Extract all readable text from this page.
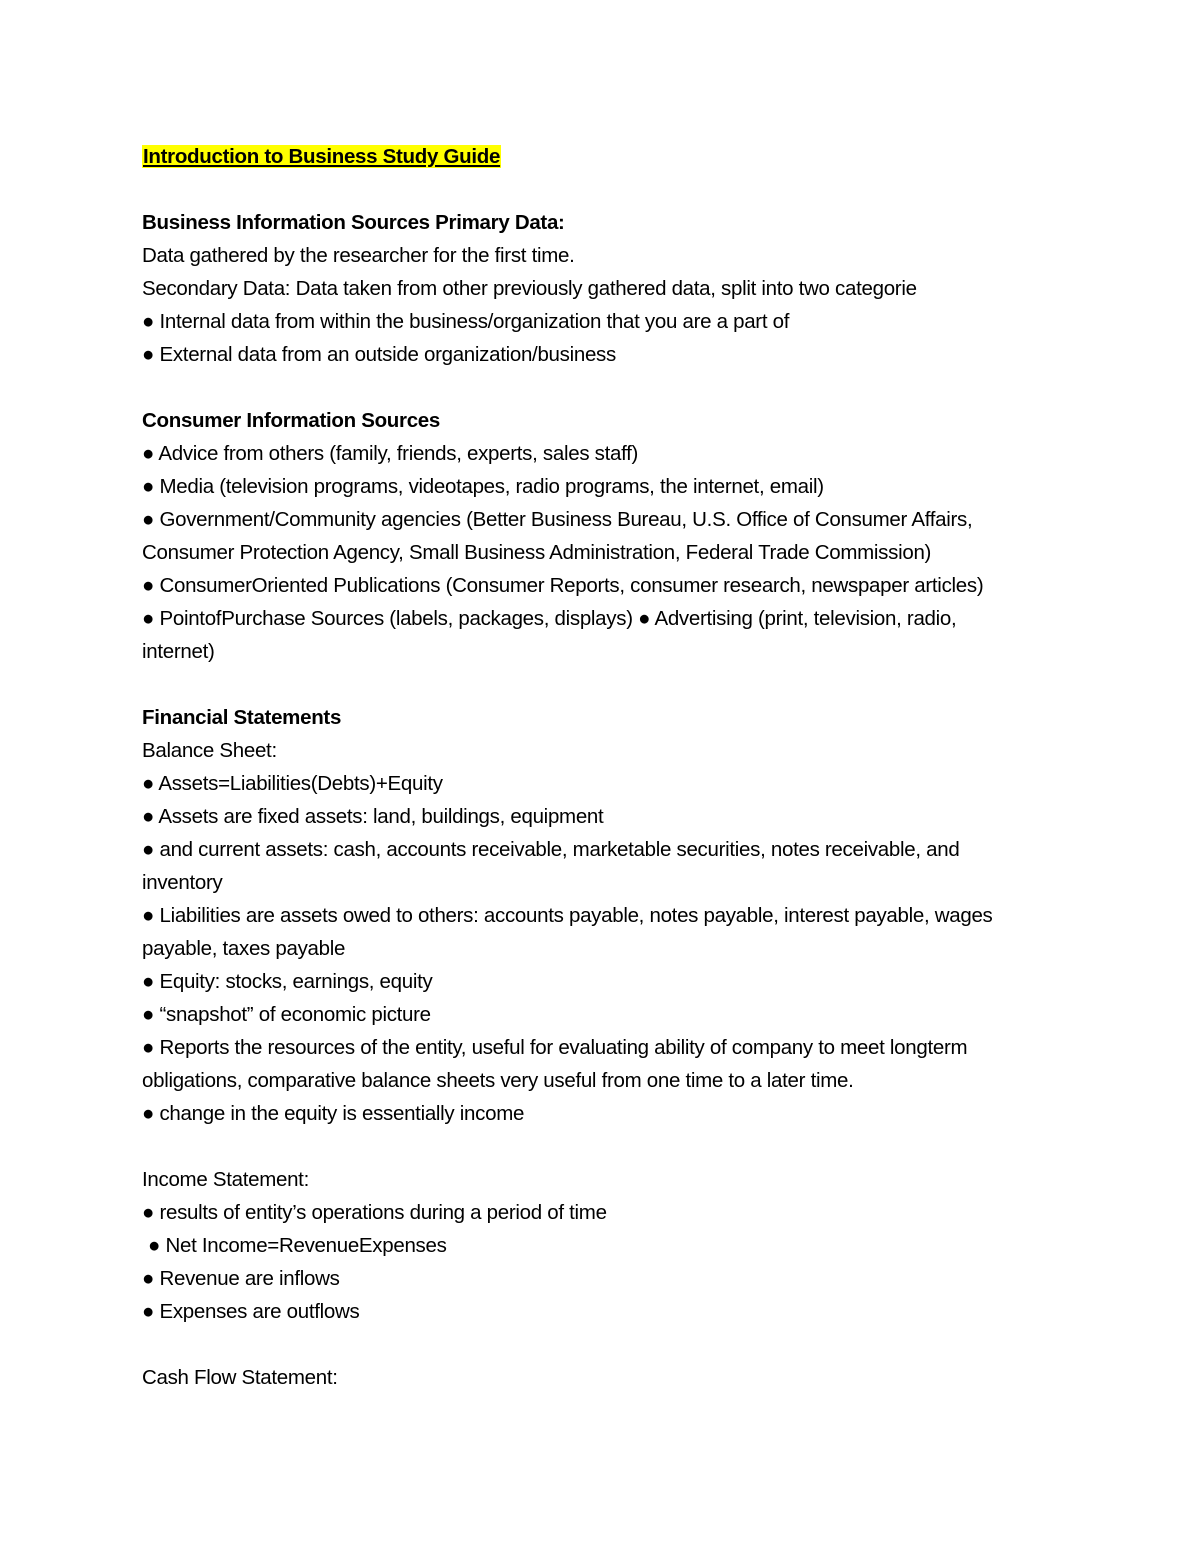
Introduction to Business Study Guide
Business Information Sources Primary Data:
Data gathered by the researcher for the first time.
Secondary Data: Data taken from other previously gathered data, split into two categorie
● Internal data from within the business/organization that you are a part of
● External data from an outside organization/business
Consumer Information Sources
● Advice from others (family, friends, experts, sales staff)
● Media (television programs, videotapes, radio programs, the internet, email)
● Government/Community agencies (Better Business Bureau, U.S. Office of Consumer Affairs,
Consumer Protection Agency, Small Business Administration, Federal Trade Commission)
● ConsumerOriented Publications (Consumer Reports, consumer research, newspaper articles)
● PointofPurchase Sources (labels, packages, displays) ● Advertising (print, television, radio,
internet)
Financial Statements
Balance Sheet:
● Assets=Liabilities(Debts)+Equity
● Assets are fixed assets: land, buildings, equipment
● and current assets: cash, accounts receivable, marketable securities, notes receivable, and
inventory
● Liabilities are assets owed to others: accounts payable, notes payable, interest payable, wages
payable, taxes payable
● Equity: stocks, earnings, equity
● “snapshot” of economic picture
● Reports the resources of the entity, useful for evaluating ability of company to meet longterm
obligations, comparative balance sheets very useful from one time to a later time.
● change in the equity is essentially income
Income Statement:
● results of entity’s operations during a period of time
● Net Income=RevenueExpenses
● Revenue are inflows
● Expenses are outflows
Cash Flow Statement:
